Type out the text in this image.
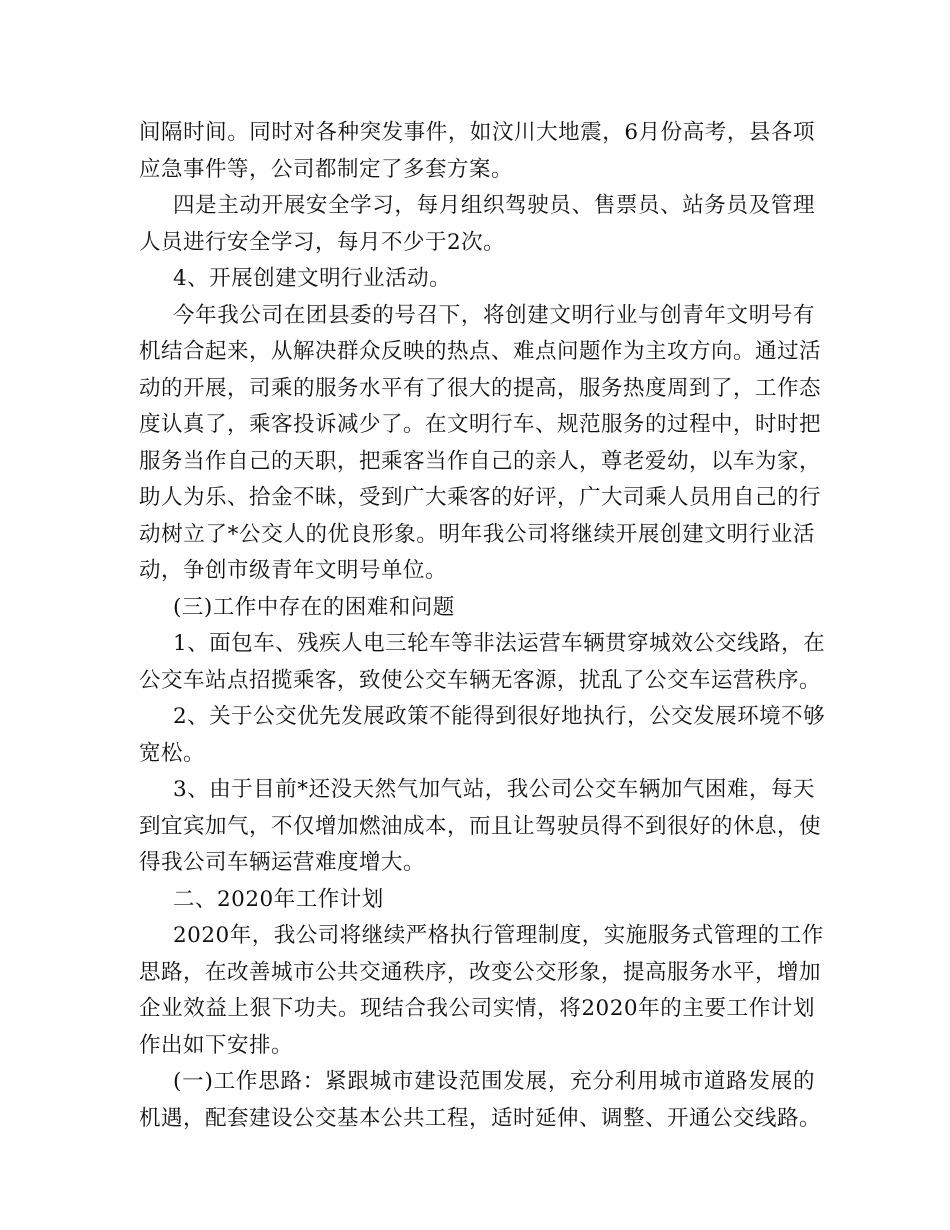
间隔时间。同时对各种突发事件，如汶川大地震，6月份高考，县各项
应急事件等，公司都制定了多套方案。
四是主动开展安全学习，每月组织驾驶员、售票员、站务员及管理
人员进行安全学习，每月不少于2次。
4、开展创建文明行业活动。
今年我公司在团县委的号召下，将创建文明行业与创青年文明号有
机结合起来，从解决群众反映的热点、难点问题作为主攻方向。通过活
动的开展，司乘的服务水平有了很大的提高，服务热度周到了，工作态
度认真了，乘客投诉减少了。在文明行车、规范服务的过程中，时时把
服务当作自己的天职，把乘客当作自己的亲人，尊老爱幼，以车为家，
助人为乐、拾金不昧，受到广大乘客的好评，广大司乘人员用自己的行
动树立了*公交人的优良形象。明年我公司将继续开展创建文明行业活
动，争创市级青年文明号单位。
(三)工作中存在的困难和问题
1、面包车、残疾人电三轮车等非法运营车辆贯穿城效公交线路，在
公交车站点招揽乘客，致使公交车辆无客源，扰乱了公交车运营秩序。
2、关于公交优先发展政策不能得到很好地执行，公交发展环境不够
宽松。
3、由于目前*还没天然气加气站，我公司公交车辆加气困难，每天
到宜宾加气，不仅增加燃油成本，而且让驾驶员得不到很好的休息，使
得我公司车辆运营难度增大。
二、2020年工作计划
2020年，我公司将继续严格执行管理制度，实施服务式管理的工作
思路，在改善城市公共交通秩序，改变公交形象，提高服务水平，增加
企业效益上狠下功夫。现结合我公司实情，将2020年的主要工作计划
作出如下安排。
(一)工作思路：紧跟城市建设范围发展，充分利用城市道路发展的
机遇，配套建设公交基本公共工程，适时延伸、调整、开通公交线路。
